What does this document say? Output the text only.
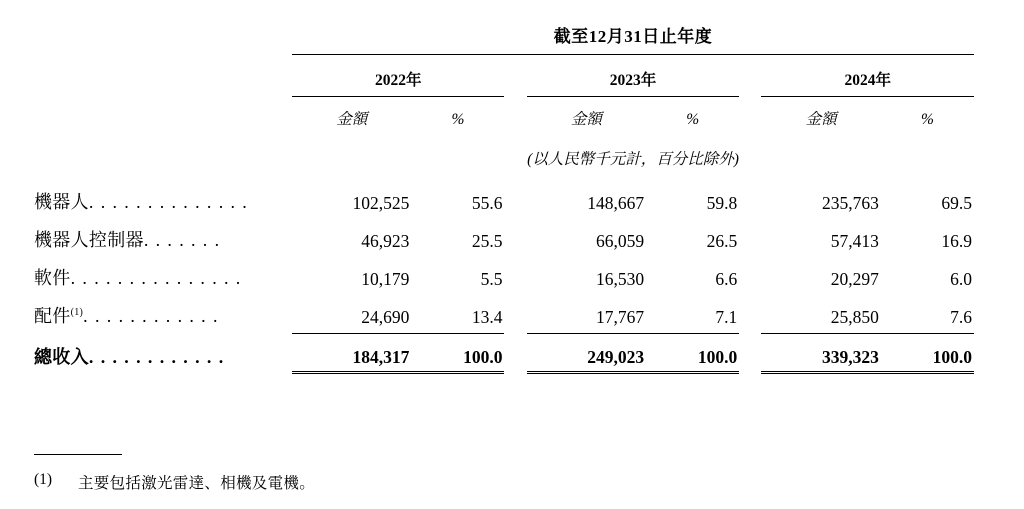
	截至12月31日止年度							

	2022年			2023年			2024年	
	金額	%		金額	%		金額	%
	(以人民幣千元計，百分比除外)							
機器人. . . . . . . . . . . . . .	102,525	55.6		148,667	59.8		235,763	69.5
機器人控制器. . . . . . .	46,923	25.5		66,059	26.5		57,413	16.9
軟件. . . . . . . . . . . . . . .	10,179	5.5		16,530	6.6		20,297	6.0
配件$^{(1)}$. . . . . . . . . . . .	24,690	13.4		17,767	7.1		25,850	7.6
總收入. . . . . . . . . . . .	184,317	100.0		249,023	100.0		339,323	100.0
(1)	主要包括激光雷達、相機及電機。
